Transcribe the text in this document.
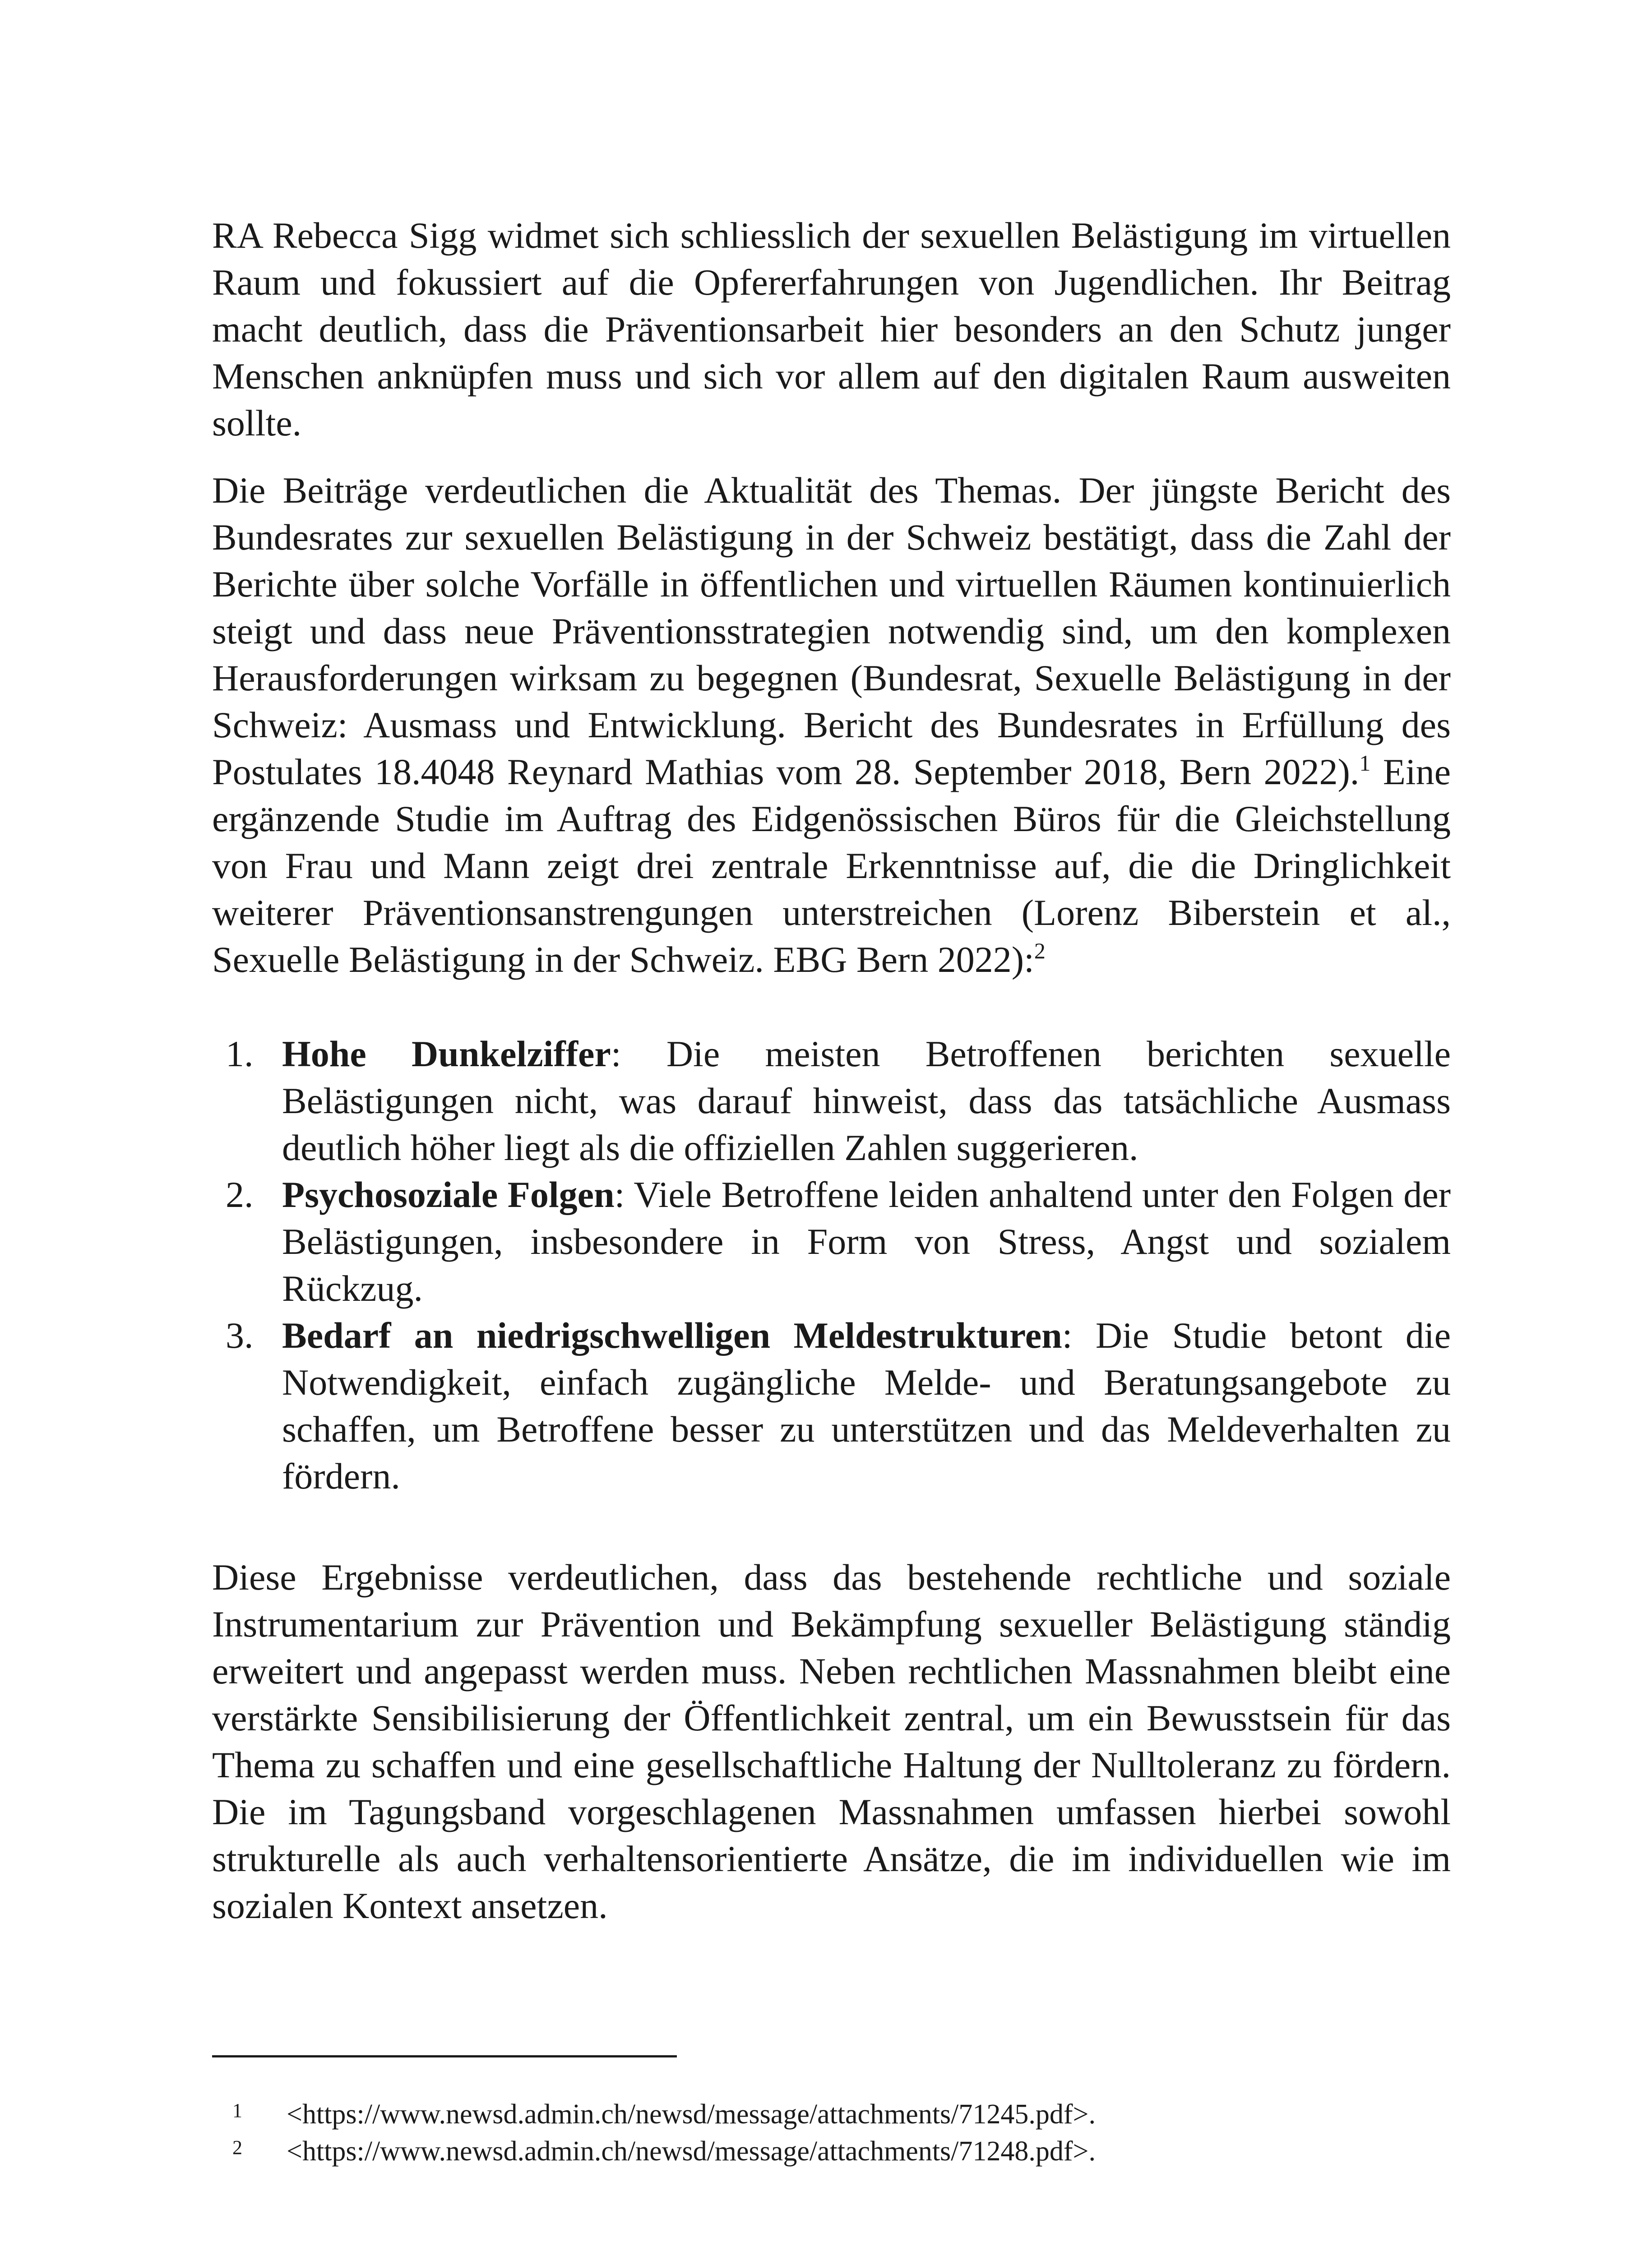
RA Rebecca Sigg widmet sich schliesslich der sexuellen Belästigung im virtuellen Raum und fokussiert auf die Opfererfahrungen von Jugendlichen. Ihr Beitrag macht deutlich, dass die Präventionsarbeit hier besonders an den Schutz junger Menschen anknüpfen muss und sich vor allem auf den digitalen Raum ausweiten sollte.

Die Beiträge verdeutlichen die Aktualität des Themas. Der jüngste Bericht des Bundesrates zur sexuellen Belästigung in der Schweiz bestätigt, dass die Zahl der Berichte über solche Vorfälle in öffentlichen und virtuellen Räumen kontinuierlich steigt und dass neue Präventionsstrategien notwendig sind, um den komplexen Herausforderungen wirksam zu begegnen (Bundesrat, Sexuelle Belästigung in der Schweiz: Ausmass und Entwicklung. Bericht des Bundesrates in Erfüllung des Postulates 18.4048 Reynard Mathias vom 28. September 2018, Bern 2022).$^1$ Eine ergänzende Studie im Auftrag des Eidgenössischen Büros für die Gleichstellung von Frau und Mann zeigt drei zentrale Erkenntnisse auf, die die Dringlichkeit weiterer Präventionsanstrengungen unterstreichen (Lorenz Biberstein et al., Sexuelle Belästigung in der Schweiz. EBG Bern 2022):$^2$

1. Hohe Dunkelziffer: Die meisten Betroffenen berichten sexuelle Belästigungen nicht, was darauf hinweist, dass das tatsächliche Ausmass deutlich höher liegt als die offiziellen Zahlen suggerieren.
2. Psychosoziale Folgen: Viele Betroffene leiden anhaltend unter den Folgen der Belästigungen, insbesondere in Form von Stress, Angst und sozialem Rückzug.
3. Bedarf an niedrigschwelligen Meldestrukturen: Die Studie betont die Notwendigkeit, einfach zugängliche Melde- und Beratungsangebote zu schaffen, um Betroffene besser zu unterstützen und das Meldeverhalten zu fördern.

Diese Ergebnisse verdeutlichen, dass das bestehende rechtliche und soziale Instrumentarium zur Prävention und Bekämpfung sexueller Belästigung ständig erweitert und angepasst werden muss. Neben rechtlichen Massnahmen bleibt eine verstärkte Sensibilisierung der Öffentlichkeit zentral, um ein Bewusstsein für das Thema zu schaffen und eine gesellschaftliche Haltung der Nulltoleranz zu fördern. Die im Tagungsband vorgeschlagenen Massnahmen umfassen hierbei sowohl strukturelle als auch verhaltensorientierte Ansätze, die im individuellen wie im sozialen Kontext ansetzen.

1 <https://www.newsd.admin.ch/newsd/message/attachments/71245.pdf>.
2 <https://www.newsd.admin.ch/newsd/message/attachments/71248.pdf>.
